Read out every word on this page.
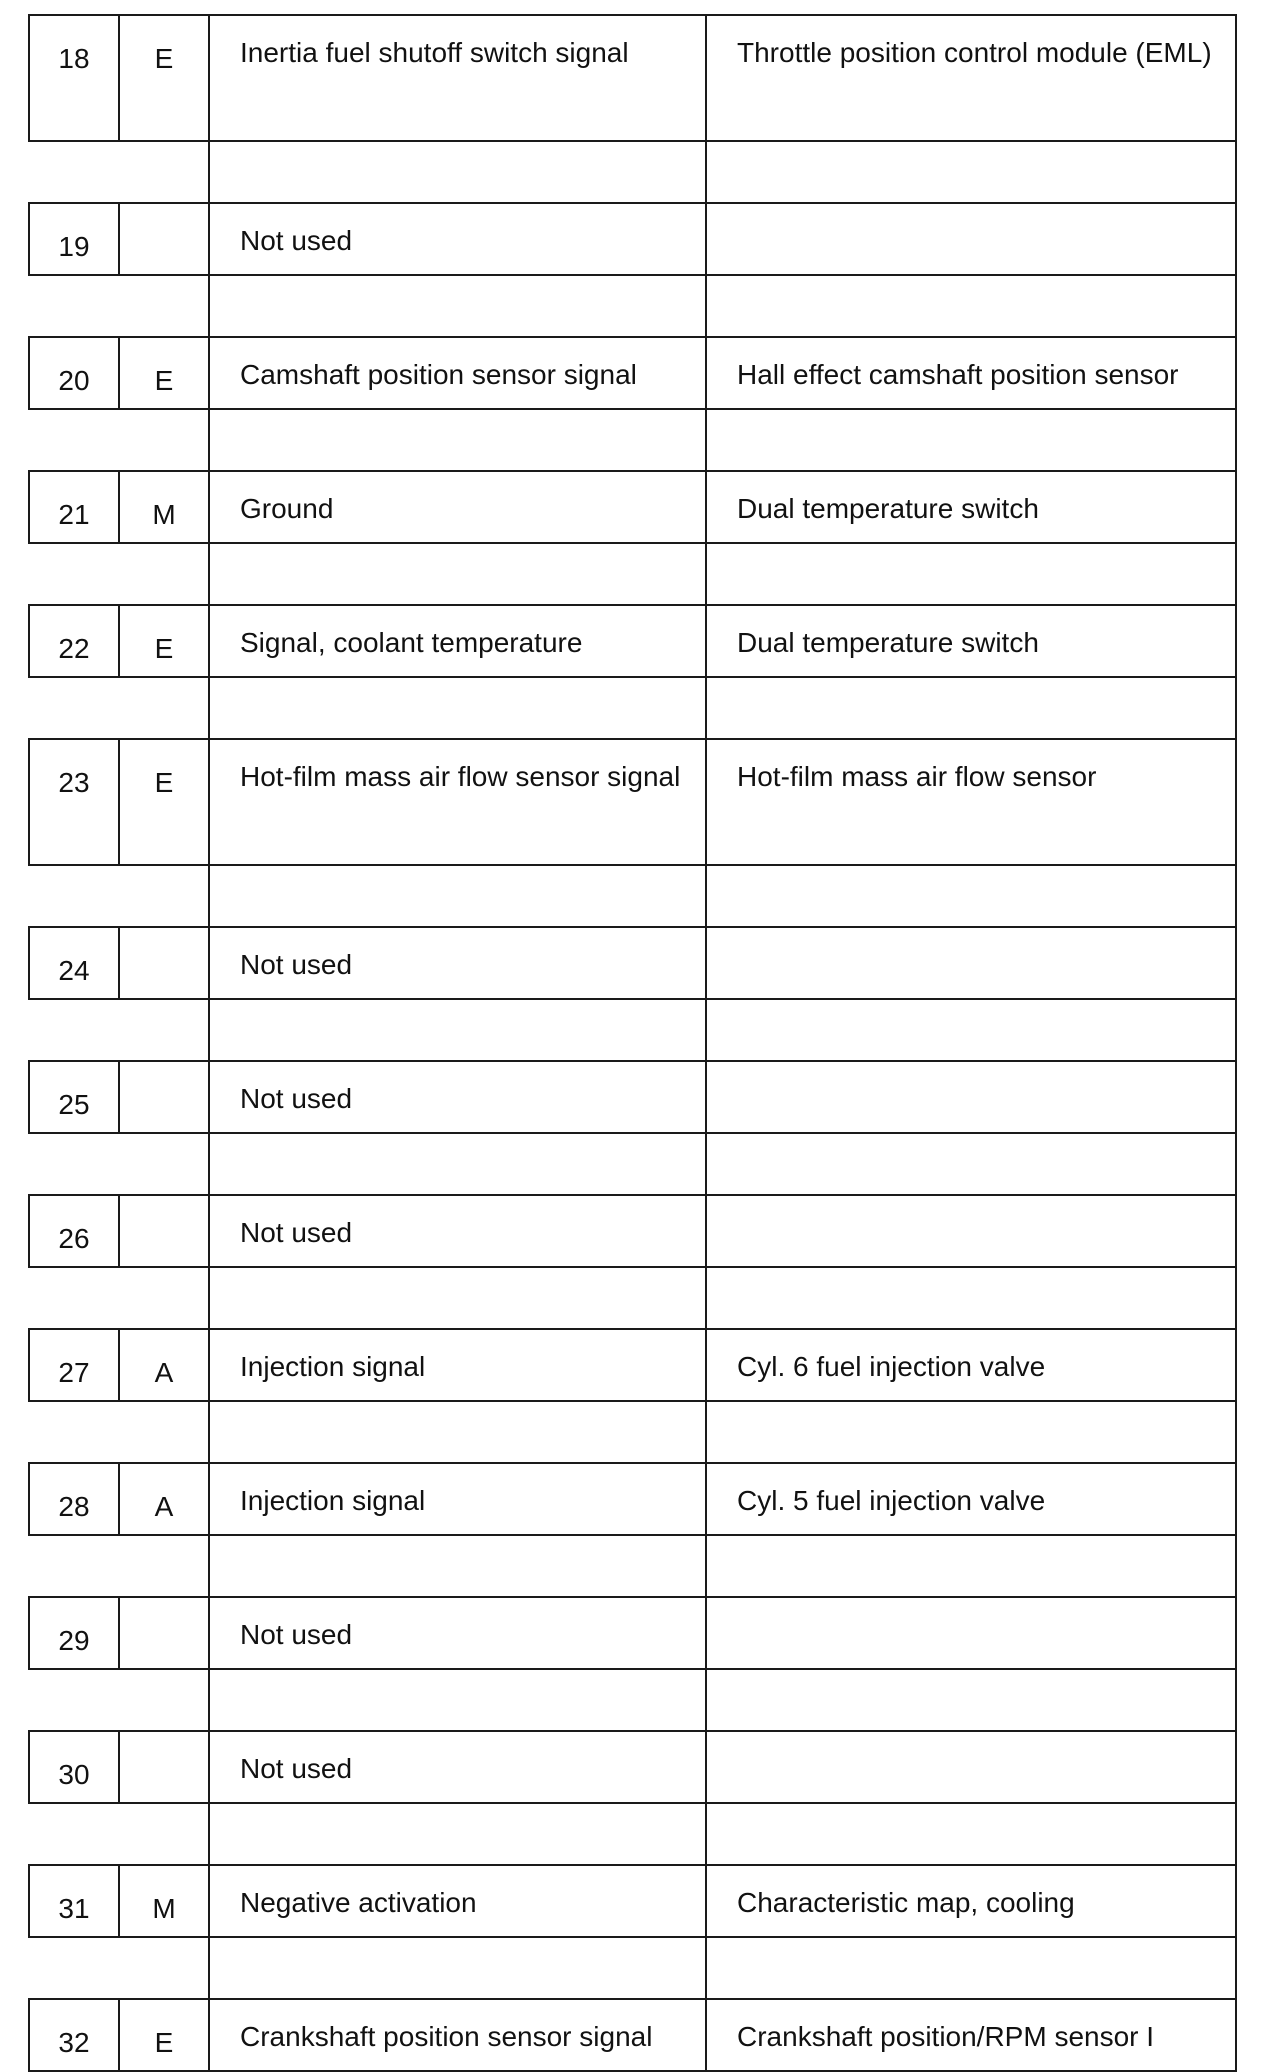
18	E	Inertia fuel shutoff switch signal	Throttle position control module (EML)

19		Not used	

20	E	Camshaft position sensor signal	Hall effect camshaft position sensor

21	M	Ground	Dual temperature switch

22	E	Signal, coolant temperature	Dual temperature switch

23	E	Hot-film mass air flow sensor signal	Hot-film mass air flow sensor

24		Not used	

25		Not used	

26		Not used	

27	A	Injection signal	Cyl. 6 fuel injection valve

28	A	Injection signal	Cyl. 5 fuel injection valve

29		Not used	

30		Not used	

31	M	Negative activation	Characteristic map, cooling

32	E	Crankshaft position sensor signal	Crankshaft position/RPM sensor I
